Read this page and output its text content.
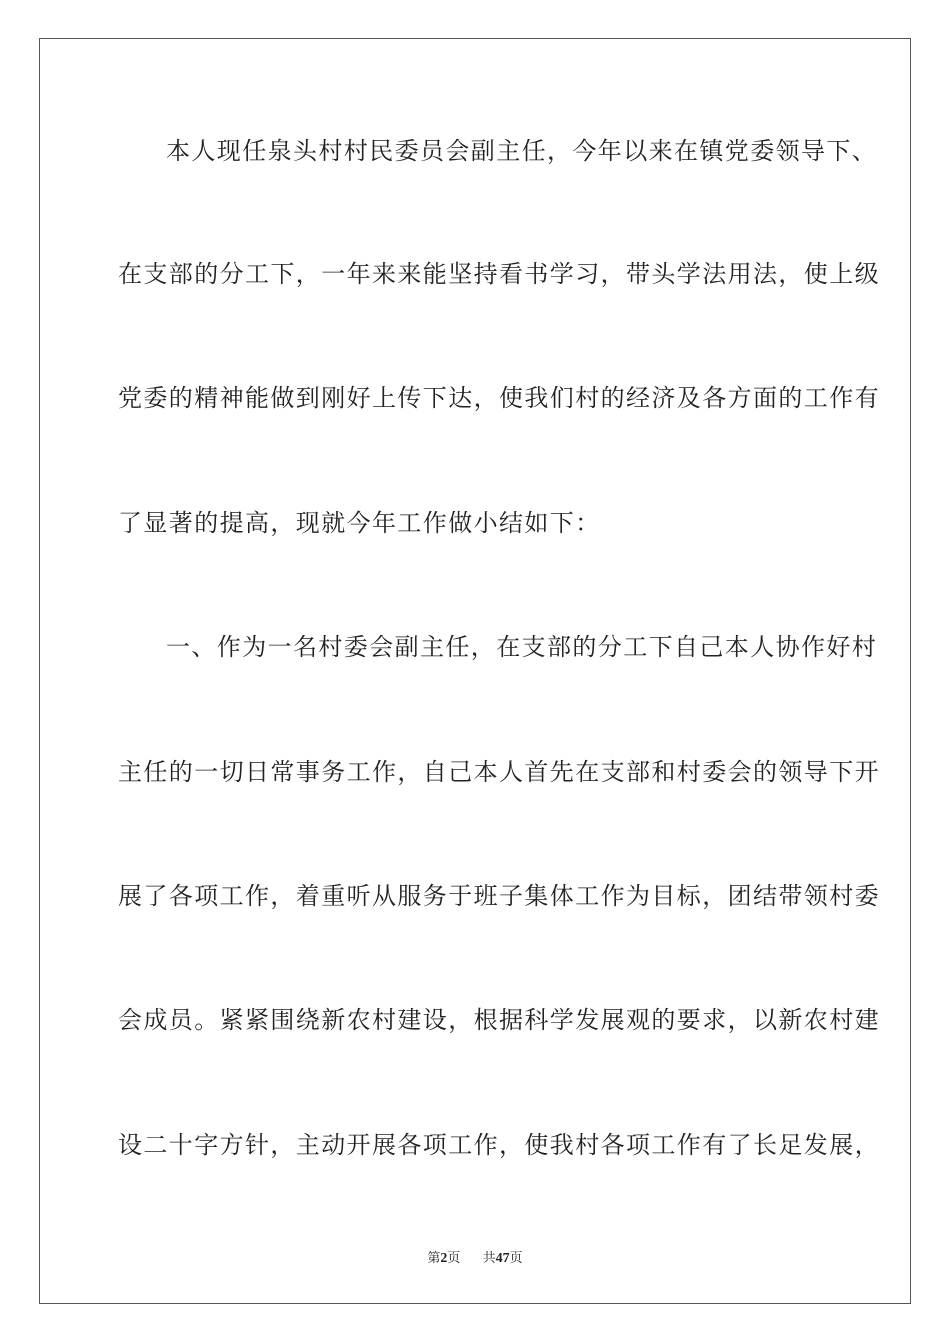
本人现任泉头村村民委员会副主任，今年以来在镇党委领导下、
在支部的分工下，一年来来能坚持看书学习，带头学法用法，使上级
党委的精神能做到刚好上传下达，使我们村的经济及各方面的工作有
了显著的提高，现就今年工作做小结如下：
一、作为一名村委会副主任，在支部的分工下自己本人协作好村
主任的一切日常事务工作，自己本人首先在支部和村委会的领导下开
展了各项工作，着重听从服务于班子集体工作为目标，团结带领村委
会成员。紧紧围绕新农村建设，根据科学发展观的要求，以新农村建
设二十字方针，主动开展各项工作，使我村各项工作有了长足发展，
第2页 共47页
